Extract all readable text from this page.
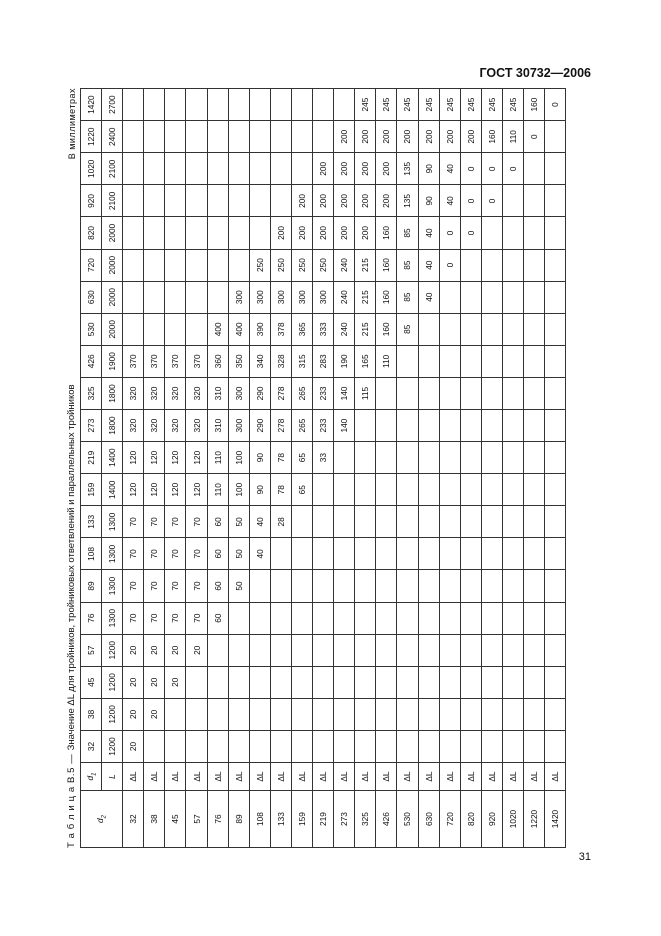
ГОСТ 30732—2006
Т а б л и ц а В.5 — Значение ΔL для тройников, тройниковых ответвлений и параллельных тройников
В миллиметрах
$d_2$	$d_1$	32	38	45	57	76	89	108	133	159	219	273	325	426	530	630	720	820	920	1020	1220	1420
	L	1200	1200	1200	1200	1300	1300	1300	1300	1400	1400	1800	1800	1900	2000	2000	2000	2000	2100	2100	2400	2700
32	ΔL	20	20	20	20	70	70	70	70	120	120	320	320	370								
38	ΔL		20	20	20	70	70	70	70	120	120	320	320	370								
45	ΔL			20	20	70	70	70	70	120	120	320	320	370								
57	ΔL				20	70	70	70	70	120	120	320	320	370								
76	ΔL					60	60	60	60	110	110	310	310	360	400							
89	ΔL						50	50	50	100	100	300	300	350	400	300						
108	ΔL							40	40	90	90	290	290	340	390	300	250					
133	ΔL								28	78	78	278	278	328	378	300	250	200				
159	ΔL									65	65	265	265	315	365	300	250	200	200			
219	ΔL										33	233	233	283	333	300	250	200	200	200		
273	ΔL											140	140	190	240	240	240	200	200	200	200	
325	ΔL												115	165	215	215	215	200	200	200	200	245
426	ΔL													110	160	160	160	160	200	200	200	245
530	ΔL														85	85	85	85	135	135	200	245
630	ΔL															40	40	40	90	90	200	245
720	ΔL																0	0	40	40	200	245
820	ΔL																	0	0	0	200	245
920	ΔL																		0	0	160	245
1020	ΔL																			0	110	245
1220	ΔL																				0	160
1420	ΔL																					0
31
